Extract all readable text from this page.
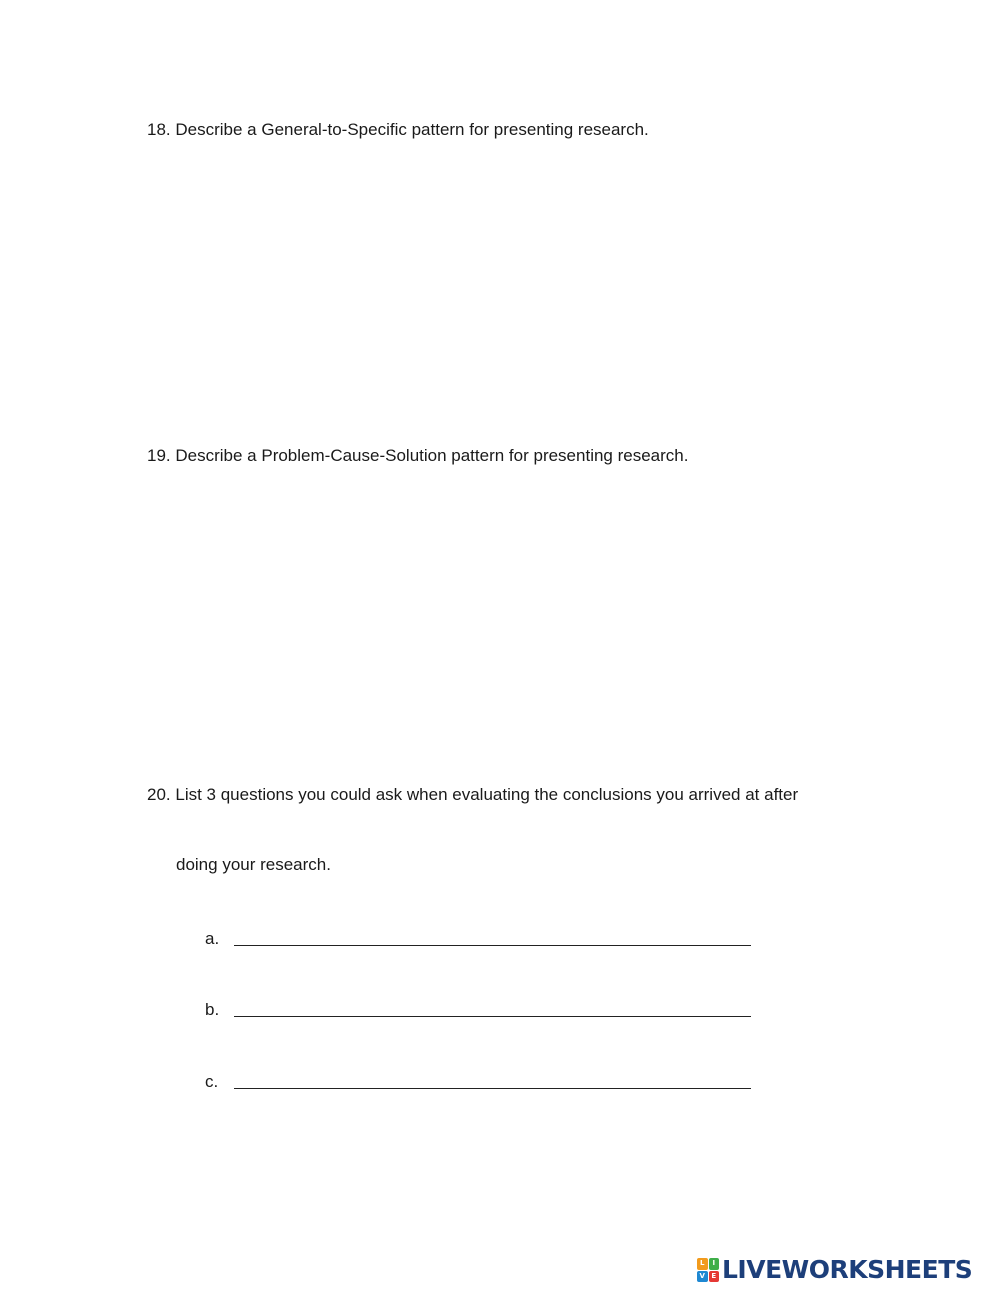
18. Describe a General-to-Specific pattern for presenting research.
19. Describe a Problem-Cause-Solution pattern for presenting research.
20. List 3 questions you could ask when evaluating the conclusions you arrived at after
doing your research.
a.
b.
c.
L	I
V E LIVEWORKSHEETS
